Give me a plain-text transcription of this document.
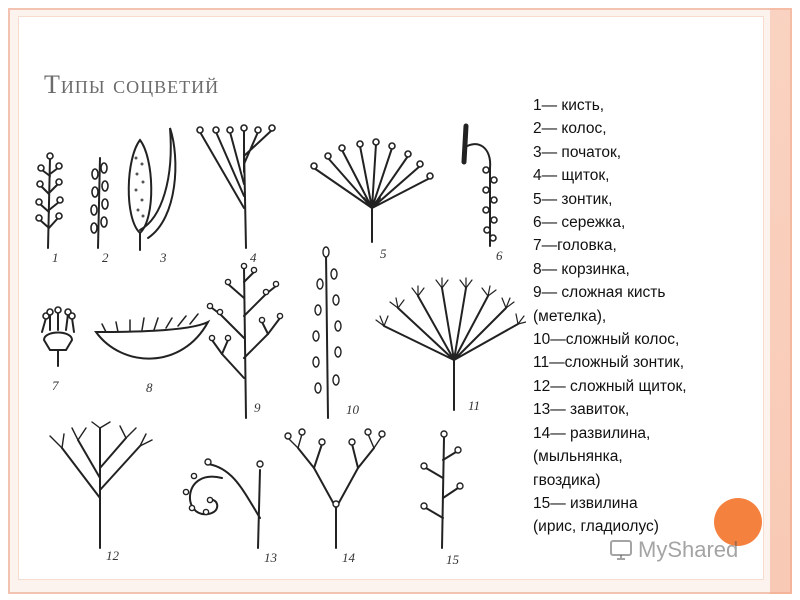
Типы соцветий
1— кисть,
2— колос,
3— початок,
4— щиток,
5— зонтик,
6— сережка,
7—головка,
8— корзинка,
9— сложная кисть
(метелка),
10—сложный колос,
11—сложный зонтик,
12— сложный щиток,
13— завиток,
14— развилина,
(мыльнянка,
гвоздика)
15— извилина
(ирис, гладиолус)
1	2	3	4	5	6
7	8
9	10	11
12	13	14	15	MyShared
